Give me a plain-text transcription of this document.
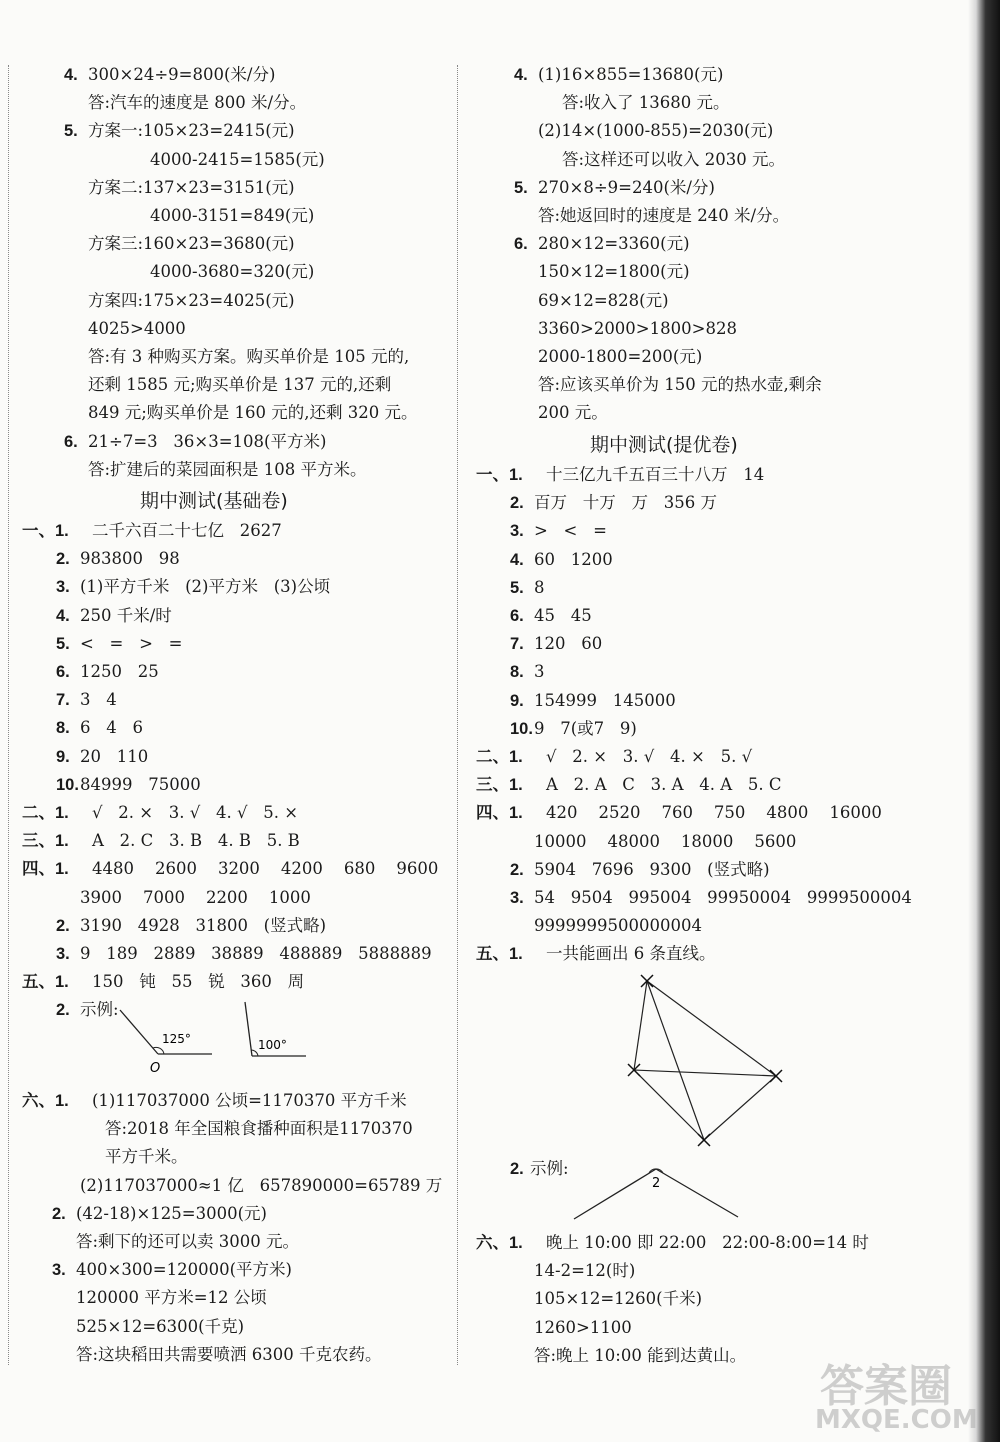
4. 300×24÷9=800(米/分)
答:汽车的速度是 800 米/分。
5. 方案一:105×23=2415(元)
4000-2415=1585(元)
方案二:137×23=3151(元)
4000-3151=849(元)
方案三:160×23=3680(元)
4000-3680=320(元)
方案四:175×23=4025(元)
4025>4000
答:有 3 种购买方案。购买单价是 105 元的,
还剩 1585 元;购买单价是 137 元的,还剩
849 元;购买单价是 160 元的,还剩 320 元。
6. 21÷7=3   36×3=108(平方米)
答:扩建后的菜园面积是 108 平方米。
一、1. 二千六百二十七亿   2627
2. 983800   98
3. (1)平方千米   (2)平方米   (3)公顷
4. 250 千米/时
5. <   =   >   =
6. 1250   25
7. 3   4
8. 6   4   6
9. 20   110
10.84999   75000
二、1. √   2. ×   3. √   4. √   5. ×
三、1. A   2. C   3. B   4. B   5. B
四、1. 4480    2600    3200    4200    680    9600
3900    7000    2200    1000
2. 3190   4928   31800   (竖式略)
3. 9   189   2889   38889   488889   5888889
五、1. 150   钝   55   锐   360   周
2. 示例:
六、1. (1)117037000 公顷=1170370 平方千米
答:2018 年全国粮食播种面积是1170370
平方千米。
(2)117037000≈1 亿   657890000=65789 万
2. (42-18)×125=3000(元)
答:剩下的还可以卖 3000 元。
3. 400×300=120000(平方米)
120000 平方米=12 公顷
525×12=6300(千克)
答:这块稻田共需要喷洒 6300 千克农药。
4. (1)16×855=13680(元)
答:收入了 13680 元。
(2)14×(1000-855)=2030(元)
答:这样还可以收入 2030 元。
5. 270×8÷9=240(米/分)
答:她返回时的速度是 240 米/分。
6. 280×12=3360(元)
150×12=1800(元)
69×12=828(元)
3360>2000>1800>828
2000-1800=200(元)
答:应该买单价为 150 元的热水壶,剩余
200 元。
一、1. 十三亿九千五百三十八万   14
2. 百万   十万   万   356 万
3. >   <   =
4. 60   1200
5. 8
6. 45   45
7. 120   60
8. 3
9. 154999   145000
10.9   7(或7   9)
二、1. √   2. ×   3. √   4. ×   5. √
三、1. A   2. A   C   3. A   4. A   5. C
四、1. 420    2520    760    750    4800    16000
10000    48000    18000    5600
2. 5904   7696   9300   (竖式略)
3. 54   9504   995004   99950004   9999500004
9999999500000004
五、1. 一共能画出 6 条直线。
六、1. 晚上 10:00 即 22:00   22:00-8:00=14 时
14-2=12(时)
105×12=1260(千米)
1260>1100
答:晚上 10:00 能到达黄山。
期中测试(基础卷)
期中测试(提优卷)
125°
O
100°
2. 示例:
2
答案圈
MXQE.COM
